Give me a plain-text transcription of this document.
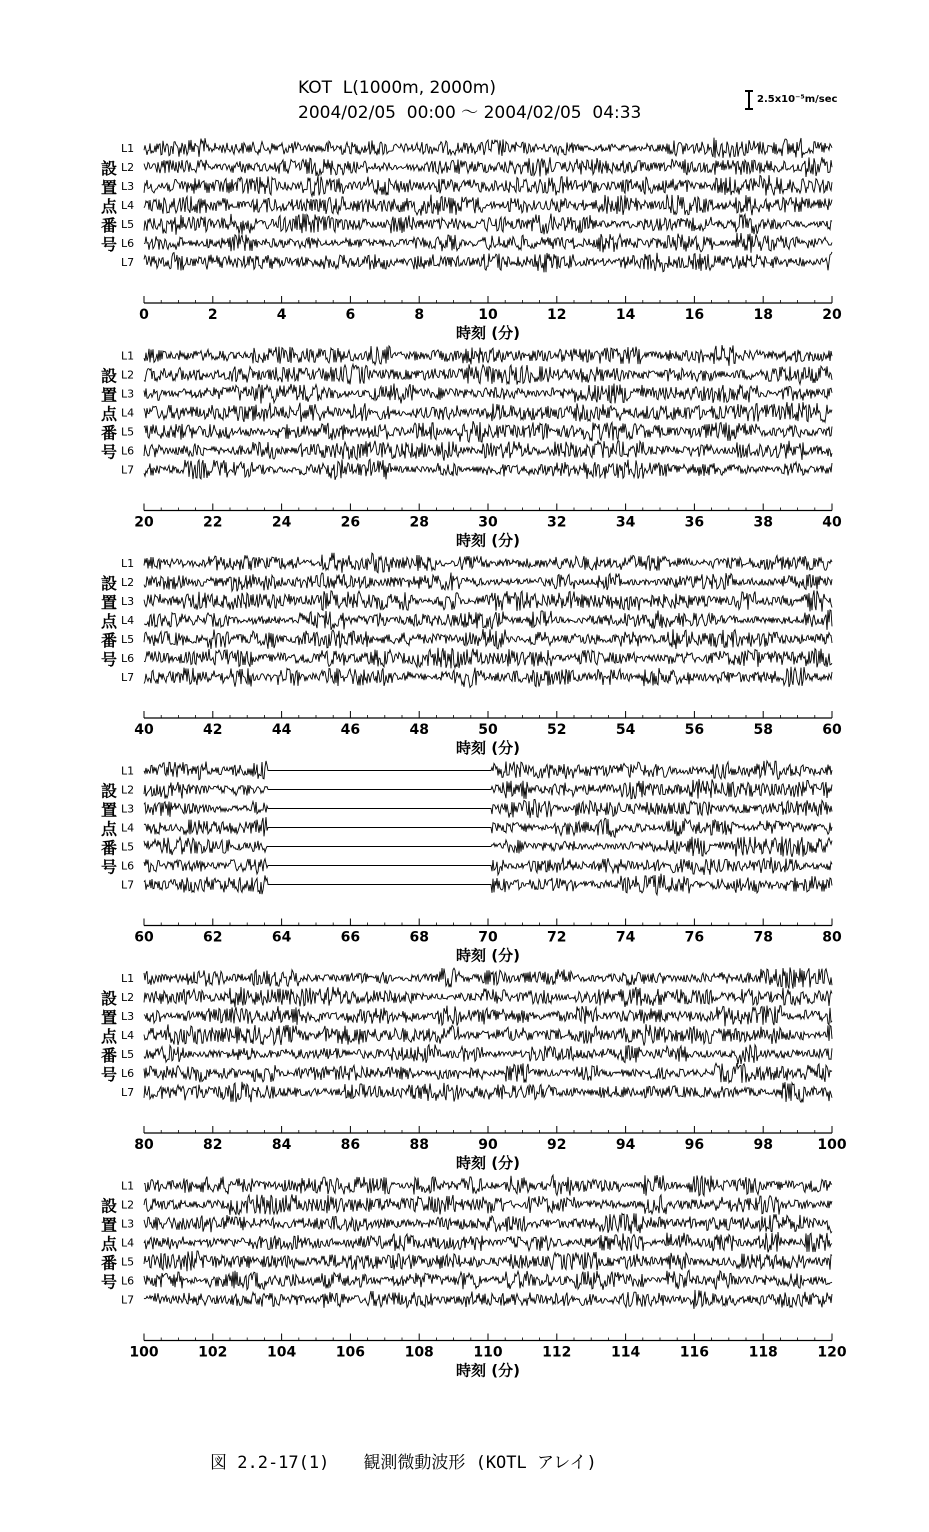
KOT  L(1000m, 2000m)
2004/02/05  00:00 ～ 2004/02/05  04:33
2.5x10⁻⁵m/sec
設置点番号
L1
L2
L3
L4
L5
L6
L7
0	2	4	6	8	10	12	14	16	18	20
時刻 (分)
設置点番号
L1
L2
L3
L4
L5
L6
L7
20	22	24	26	28	30	32	34	36	38	40
時刻 (分)
設置点番号
L1
L2
L3
L4
L5
L6
L7
40	42	44	46	48	50	52	54	56	58	60
時刻 (分)
設置点番号
L1
L2
L3
L4
L5
L6
L7
60	62	64	66	68	70	72	74	76	78	80
時刻 (分)
設置点番号
L1
L2
L3
L4
L5
L6
L7
80	82	84	86	88	90	92	94	96	98	100
時刻 (分)
設置点番号
L1
L2
L3
L4
L5
L6
L7
100	102	104	106	108	110	112	114	116	118	120
時刻 (分)
図 2.2-17(1)　　観測微動波形 (KOTL アレイ)
